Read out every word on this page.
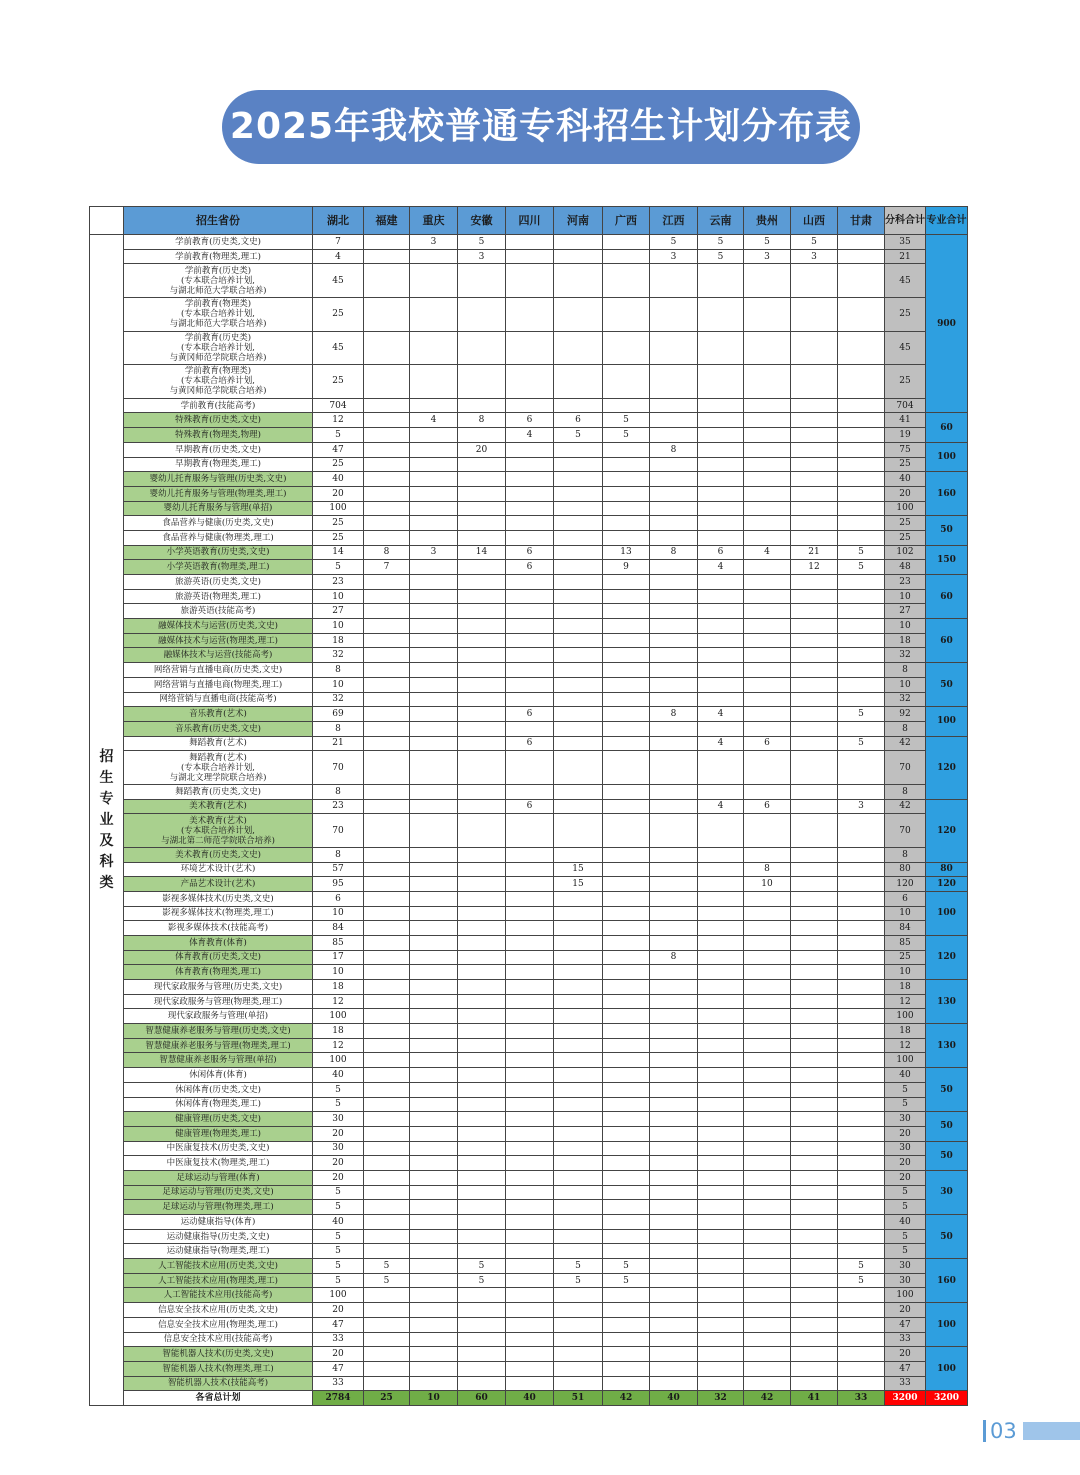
2025年我校普通专科招生计划分布表
	招生省份	湖北	福建	重庆	安徽	四川	河南	广西	江西	云南	贵州	山西	甘肃	分科合计	专业合计
招生专业及科类	学前教育(历史类,文史)	7		3	5				5	5	5	5		35	900
	学前教育(物理类,理工)	4			3				3	5	3	3		21	
	学前教育(历史类)
(专本联合培养计划,
与湖北师范大学联合培养)	45												45	
	学前教育(物理类)
(专本联合培养计划,
与湖北师范大学联合培养)	25												25	
	学前教育(历史类)
(专本联合培养计划,
与黄冈师范学院联合培养)	45												45	
	学前教育(物理类)
(专本联合培养计划,
与黄冈师范学院联合培养)	25												25	
	学前教育(技能高考)	704												704	
	特殊教育(历史类,文史)	12		4	8	6	6	5						41	60
	特殊教育(物理类,物理)	5				4	5	5						19	
	早期教育(历史类,文史)	47			20				8					75	100
	早期教育(物理类,理工)	25												25	
	婴幼儿托育服务与管理(历史类,文史)	40												40	160
	婴幼儿托育服务与管理(物理类,理工)	20												20	
	婴幼儿托育服务与管理(单招)	100												100	
	食品营养与健康(历史类,文史)	25												25	50
	食品营养与健康(物理类,理工)	25												25	
	小学英语教育(历史类,文史)	14	8	3	14	6		13	8	6	4	21	5	102	150
	小学英语教育(物理类,理工)	5	7			6		9		4		12	5	48	
	旅游英语(历史类,文史)	23												23	60
	旅游英语(物理类,理工)	10												10	
	旅游英语(技能高考)	27												27	
	融媒体技术与运营(历史类,文史)	10												10	60
	融媒体技术与运营(物理类,理工)	18												18	
	融媒体技术与运营(技能高考)	32												32	
	网络营销与直播电商(历史类,文史)	8												8	50
	网络营销与直播电商(物理类,理工)	10												10	
	网络营销与直播电商(技能高考)	32												32	
	音乐教育(艺术)	69				6			8	4			5	92	100
	音乐教育(历史类,文史)	8												8	
	舞蹈教育(艺术)	21				6				4	6		5	42	120
	舞蹈教育(艺术)
(专本联合培养计划,
与湖北文理学院联合培养)	70												70	
	舞蹈教育(历史类,文史)	8												8	
	美术教育(艺术)	23				6				4	6		3	42	120
	美术教育(艺术)
(专本联合培养计划,
与湖北第二师范学院联合培养)	70												70	
	美术教育(历史类,文史)	8												8	
	环境艺术设计(艺术)	57					15				8			80	80
	产品艺术设计(艺术)	95					15				10			120	120
	影视多媒体技术(历史类,文史)	6												6	100
	影视多媒体技术(物理类,理工)	10												10	
	影视多媒体技术(技能高考)	84												84	
	体育教育(体育)	85												85	120
	体育教育(历史类,文史)	17							8					25	
	体育教育(物理类,理工)	10												10	
	现代家政服务与管理(历史类,文史)	18												18	130
	现代家政服务与管理(物理类,理工)	12												12	
	现代家政服务与管理(单招)	100												100	
	智慧健康养老服务与管理(历史类,文史)	18												18	130
	智慧健康养老服务与管理(物理类,理工)	12												12	
	智慧健康养老服务与管理(单招)	100												100	
	休闲体育(体育)	40												40	50
	休闲体育(历史类,文史)	5												5	
	休闲体育(物理类,理工)	5												5	
	健康管理(历史类,文史)	30												30	50
	健康管理(物理类,理工)	20												20	
	中医康复技术(历史类,文史)	30												30	50
	中医康复技术(物理类,理工)	20												20	
	足球运动与管理(体育)	20												20	30
	足球运动与管理(历史类,文史)	5												5	
	足球运动与管理(物理类,理工)	5												5	
	运动健康指导(体育)	40												40	50
	运动健康指导(历史类,文史)	5												5	
	运动健康指导(物理类,理工)	5												5	
	人工智能技术应用(历史类,文史)	5	5		5		5	5					5	30	160
	人工智能技术应用(物理类,理工)	5	5		5		5	5					5	30	
	人工智能技术应用(技能高考)	100												100	
	信息安全技术应用(历史类,文史)	20												20	100
	信息安全技术应用(物理类,理工)	47												47	
	信息安全技术应用(技能高考)	33												33	
	智能机器人技术(历史类,文史)	20												20	100
	智能机器人技术(物理类,理工)	47												47	
	智能机器人技术(技能高考)	33												33	
	各省总计划	2784	25	10	60	40	51	42	40	32	42	41	33	3200	3200
03
